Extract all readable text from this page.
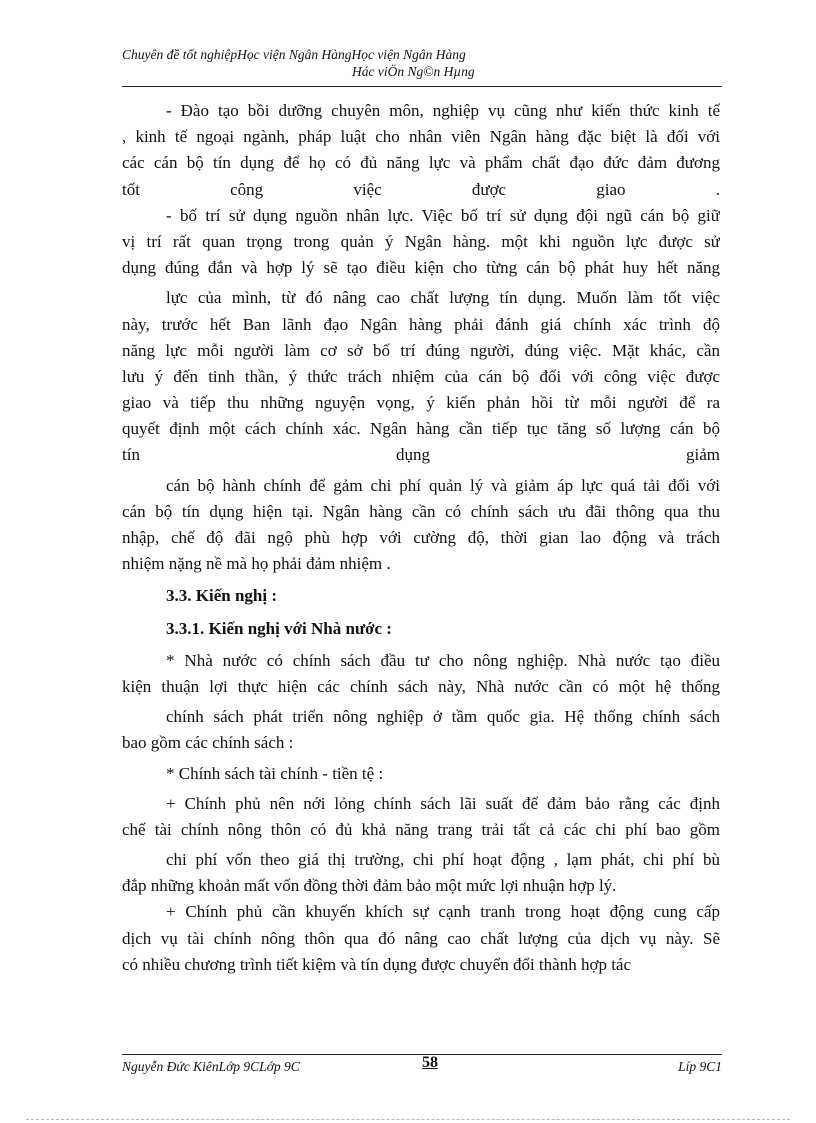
Chuyên đề tốt nghiệpHọc viện Ngân HàngHọc viện Ngân Hàng
Hác viÖn Ng©n Hµng
- Đào tạo bồi dưỡng chuyên môn, nghiệp vụ cũng như kiến thức kinh tế
, kinh tế ngoại ngành, pháp luật cho nhân viên Ngân hàng đặc biệt là đối với
các cán bộ tín dụng để họ có đủ năng lực và phẩm chất đạo đức đảm đương
tốt công việc được giao .
- bố trí sử dụng nguồn nhân lực. Việc bố trí sử dụng đội ngũ cán bộ giữ
vị trí rất quan trọng trong quản ý Ngân hàng. một khi nguồn lực được sử
dụng đúng đắn và hợp lý sẽ tạo điều kiện cho từng cán bộ phát huy hết năng
lực của mình, từ đó nâng cao chất lượng tín dụng. Muốn làm tốt việc
này, trước hết Ban lãnh đạo Ngân hàng phải đánh giá chính xác trình độ
năng lực mỗi người làm cơ sở bố trí đúng người, đúng việc. Mặt khác, cần
lưu ý đến tinh thần, ý thức trách nhiệm của cán bộ đối với công việc được
giao và tiếp thu những nguyện vọng, ý kiến phản hồi từ mỗi người để ra
quyết định một cách chính xác. Ngân hàng cần tiếp tục tăng số lượng cán bộ
tín dụng giảm
cán bộ hành chính để gảm chi phí quản lý và giảm áp lực quá tải đối với
cán bộ tín dụng hiện tại. Ngân hàng cần có chính sách ưu đãi thông qua thu
nhập, chế độ đãi ngộ phù hợp với cường độ, thời gian lao động và trách
nhiệm nặng nề mà họ phải đảm nhiệm .
3.3. Kiến nghị :
3.3.1. Kiến nghị với Nhà nước :
* Nhà nước có chính sách đầu tư cho nông nghiệp. Nhà nước tạo điều
kiện thuận lợi thực hiện các chính sách này, Nhà nước cần có một hệ thống
chính sách phát triển nông nghiệp ở tầm quốc gia. Hệ thống chính sách
bao gồm các chính sách :
* Chính sách tài chính - tiền tệ :
+ Chính phủ nên nới lỏng chính sách lãi suất để đảm bảo rằng các định
chế tài chính nông thôn có đủ khả năng trang trải tất cả các chi phí bao gồm
chi phí vốn theo giá thị trường, chi phí hoạt động , lạm phát, chi phí bù
đắp những khoản mất vốn đồng thời đảm bảo một mức lợi nhuận hợp lý.
+ Chính phủ cần khuyến khích sự cạnh tranh trong hoạt động cung cấp
dịch vụ tài chính nông thôn qua đó nâng cao chất lượng của dịch vụ này. Sẽ
có nhiều chương trình tiết kiệm và tín dụng được chuyển đổi thành hợp tác
Nguyễn Đức KiênLớp 9CLớp 9C	58	Líp 9C1
